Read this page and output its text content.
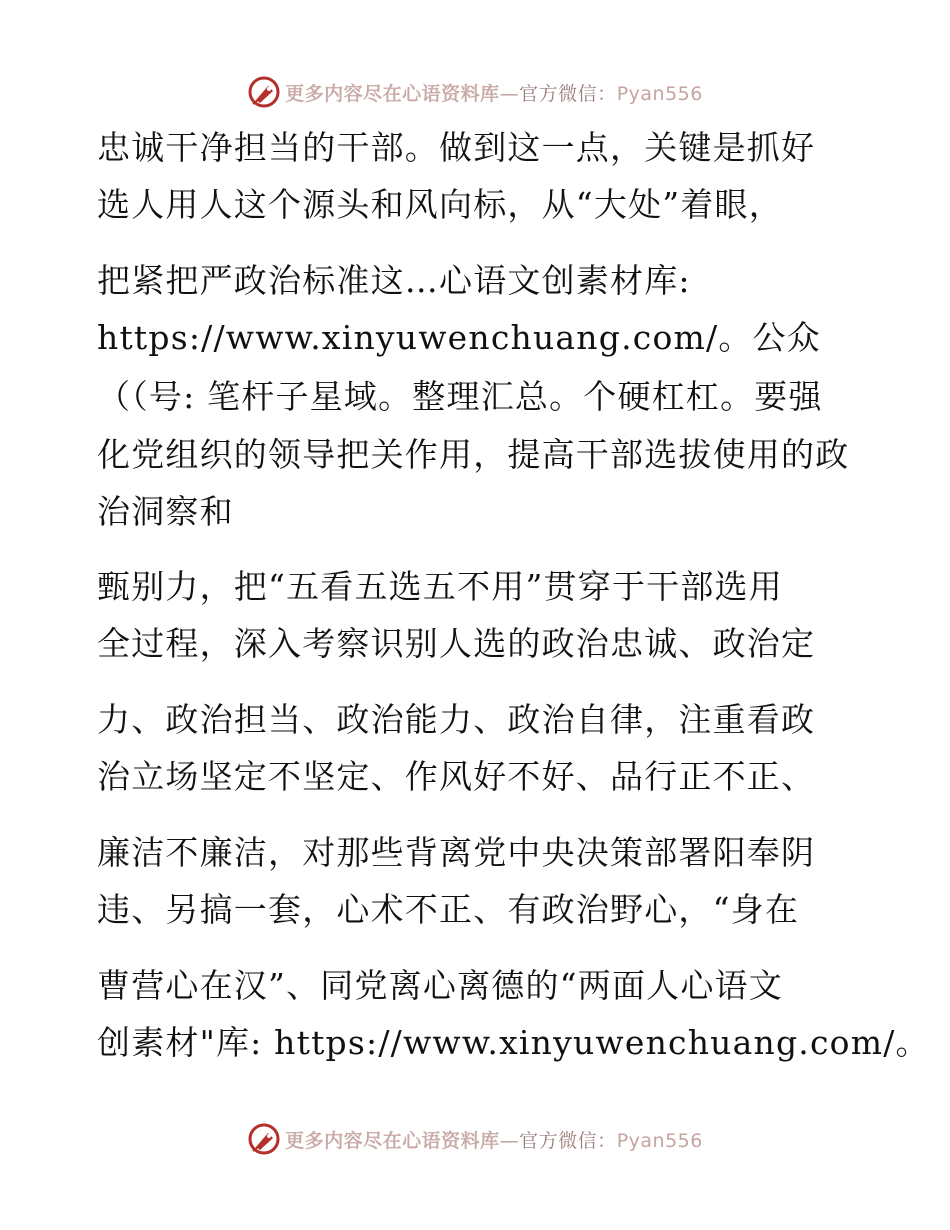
更多内容尽在心语资料库—官方微信：Pyan556
忠诚干净担当的干部。做到这一点，关键是抓好
选人用人这个源头和风向标，从“大处”着眼，
把紧把严政治标准这…心语文创素材库:
https://www.xinyuwenchuang.com/。公众
（（号: 笔杆子星域。整理汇总。个硬杠杠。要强
化党组织的领导把关作用，提高干部选拔使用的政
治洞察和
甄别力，把“五看五选五不用”贯穿于干部选用
全过程，深入考察识别人选的政治忠诚、政治定
力、政治担当、政治能力、政治自律，注重看政
治立场坚定不坚定、作风好不好、品行正不正、
廉洁不廉洁，对那些背离党中央决策部署阳奉阴
违、另搞一套，心术不正、有政治野心，“身在
曹营心在汉”、同党离心离德的“两面人心语文
创素材"库: https://www.xinyuwenchuang.com/。
更多内容尽在心语资料库—官方微信：Pyan556
